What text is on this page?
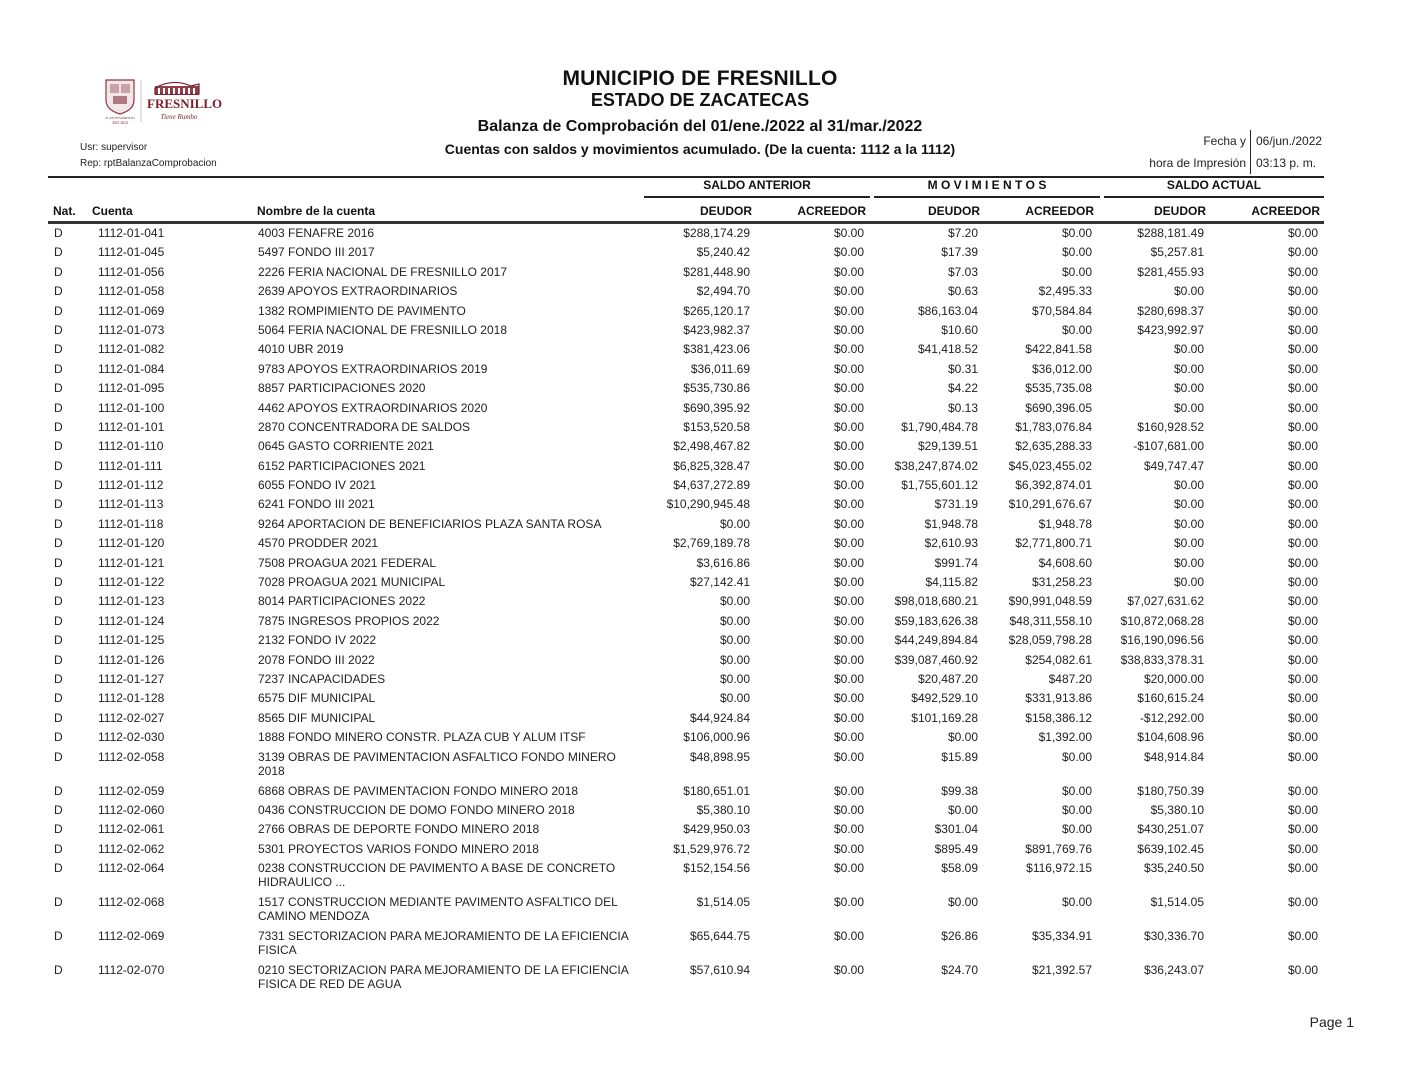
H. AYUNTAMIENTO
2021-2024
FRESNILLO
Tiene Rumbo
Usr: supervisor
Rep: rptBalanzaComprobacion
MUNICIPIO DE FRESNILLO
ESTADO DE ZACATECAS
Balanza de Comprobación del 01/ene./2022 al 31/mar./2022
Cuentas con saldos y movimientos acumulado. (De la cuenta: 1112 a la 1112)	Fecha y 06/jun./2022
hora de Impresión 03:13 p. m.
SALDO ANTERIOR	M O V I M I E N T O S	SALDO ACTUAL
Nat. Cuenta	Nombre de la cuenta	DEUDOR	ACREEDOR	DEUDOR	ACREEDOR	DEUDOR	ACREEDOR
D	1112-01-041	4003 FENAFRE 2016	$288,174.29	$0.00	$7.20	$0.00	$288,181.49	$0.00
D	1112-01-045	5497 FONDO III 2017	$5,240.42	$0.00	$17.39	$0.00	$5,257.81	$0.00
D	1112-01-056	2226 FERIA NACIONAL DE FRESNILLO 2017	$281,448.90	$0.00	$7.03	$0.00	$281,455.93	$0.00
D	1112-01-058	2639 APOYOS EXTRAORDINARIOS	$2,494.70	$0.00	$0.63	$2,495.33	$0.00	$0.00
D	1112-01-069	1382 ROMPIMIENTO DE PAVIMENTO	$265,120.17	$0.00	$86,163.04	$70,584.84	$280,698.37	$0.00
D	1112-01-073	5064 FERIA NACIONAL DE FRESNILLO 2018	$423,982.37	$0.00	$10.60	$0.00	$423,992.97	$0.00
D	1112-01-082	4010 UBR 2019	$381,423.06	$0.00	$41,418.52	$422,841.58	$0.00	$0.00
D	1112-01-084	9783 APOYOS EXTRAORDINARIOS 2019	$36,011.69	$0.00	$0.31	$36,012.00	$0.00	$0.00
D	1112-01-095	8857 PARTICIPACIONES 2020	$535,730.86	$0.00	$4.22	$535,735.08	$0.00	$0.00
D	1112-01-100	4462 APOYOS EXTRAORDINARIOS 2020	$690,395.92	$0.00	$0.13	$690,396.05	$0.00	$0.00
D	1112-01-101	2870 CONCENTRADORA DE SALDOS	$153,520.58	$0.00	$1,790,484.78	$1,783,076.84	$160,928.52	$0.00
D	1112-01-110	0645 GASTO CORRIENTE 2021	$2,498,467.82	$0.00	$29,139.51	$2,635,288.33	-$107,681.00	$0.00
D	1112-01-111	6152 PARTICIPACIONES 2021	$6,825,328.47	$0.00	$38,247,874.02	$45,023,455.02	$49,747.47	$0.00
D	1112-01-112	6055 FONDO IV 2021	$4,637,272.89	$0.00	$1,755,601.12	$6,392,874.01	$0.00	$0.00
D	1112-01-113	6241 FONDO III 2021	$10,290,945.48	$0.00	$731.19	$10,291,676.67	$0.00	$0.00
D	1112-01-118	9264 APORTACION DE BENEFICIARIOS PLAZA SANTA ROSA	$0.00	$0.00	$1,948.78	$1,948.78	$0.00	$0.00
D	1112-01-120	4570 PRODDER 2021	$2,769,189.78	$0.00	$2,610.93	$2,771,800.71	$0.00	$0.00
D	1112-01-121	7508 PROAGUA 2021 FEDERAL	$3,616.86	$0.00	$991.74	$4,608.60	$0.00	$0.00
D	1112-01-122	7028 PROAGUA 2021 MUNICIPAL	$27,142.41	$0.00	$4,115.82	$31,258.23	$0.00	$0.00
D	1112-01-123	8014 PARTICIPACIONES 2022	$0.00	$0.00	$98,018,680.21	$90,991,048.59	$7,027,631.62	$0.00
D	1112-01-124	7875 INGRESOS PROPIOS 2022	$0.00	$0.00	$59,183,626.38	$48,311,558.10	$10,872,068.28	$0.00
D	1112-01-125	2132 FONDO IV 2022	$0.00	$0.00	$44,249,894.84	$28,059,798.28	$16,190,096.56	$0.00
D	1112-01-126	2078 FONDO III 2022	$0.00	$0.00	$39,087,460.92	$254,082.61	$38,833,378.31	$0.00
D	1112-01-127	7237 INCAPACIDADES	$0.00	$0.00	$20,487.20	$487.20	$20,000.00	$0.00
D	1112-01-128	6575 DIF MUNICIPAL	$0.00	$0.00	$492,529.10	$331,913.86	$160,615.24	$0.00
D	1112-02-027	8565 DIF MUNICIPAL	$44,924.84	$0.00	$101,169.28	$158,386.12	-$12,292.00	$0.00
D	1112-02-030	1888 FONDO MINERO CONSTR. PLAZA CUB Y ALUM ITSF	$106,000.96	$0.00	$0.00	$1,392.00	$104,608.96	$0.00
D	1112-02-058	3139 OBRAS DE PAVIMENTACION ASFALTICO FONDO MINERO 2018	$48,898.95	$0.00	$15.89	$0.00	$48,914.84	$0.00
D	1112-02-059	6868 OBRAS DE PAVIMENTACION FONDO MINERO 2018	$180,651.01	$0.00	$99.38	$0.00	$180,750.39	$0.00
D	1112-02-060	0436 CONSTRUCCION DE DOMO FONDO MINERO 2018	$5,380.10	$0.00	$0.00	$0.00	$5,380.10	$0.00
D	1112-02-061	2766 OBRAS DE DEPORTE FONDO MINERO 2018	$429,950.03	$0.00	$301.04	$0.00	$430,251.07	$0.00
D	1112-02-062	5301 PROYECTOS VARIOS FONDO MINERO 2018	$1,529,976.72	$0.00	$895.49	$891,769.76	$639,102.45	$0.00
D	1112-02-064	0238 CONSTRUCCION DE PAVIMENTO A BASE DE CONCRETO HIDRAULICO ...	$152,154.56	$0.00	$58.09	$116,972.15	$35,240.50	$0.00
D	1112-02-068	1517 CONSTRUCCION MEDIANTE PAVIMENTO ASFALTICO DEL CAMINO MENDOZA	$1,514.05	$0.00	$0.00	$0.00	$1,514.05	$0.00
D	1112-02-069	7331 SECTORIZACION PARA MEJORAMIENTO DE LA EFICIENCIA FISICA	$65,644.75	$0.00	$26.86	$35,334.91	$30,336.70	$0.00
D	1112-02-070	0210 SECTORIZACION PARA MEJORAMIENTO DE LA EFICIENCIA FISICA DE RED DE AGUA	$57,610.94	$0.00	$24.70	$21,392.57	$36,243.07	$0.00
Page 1
